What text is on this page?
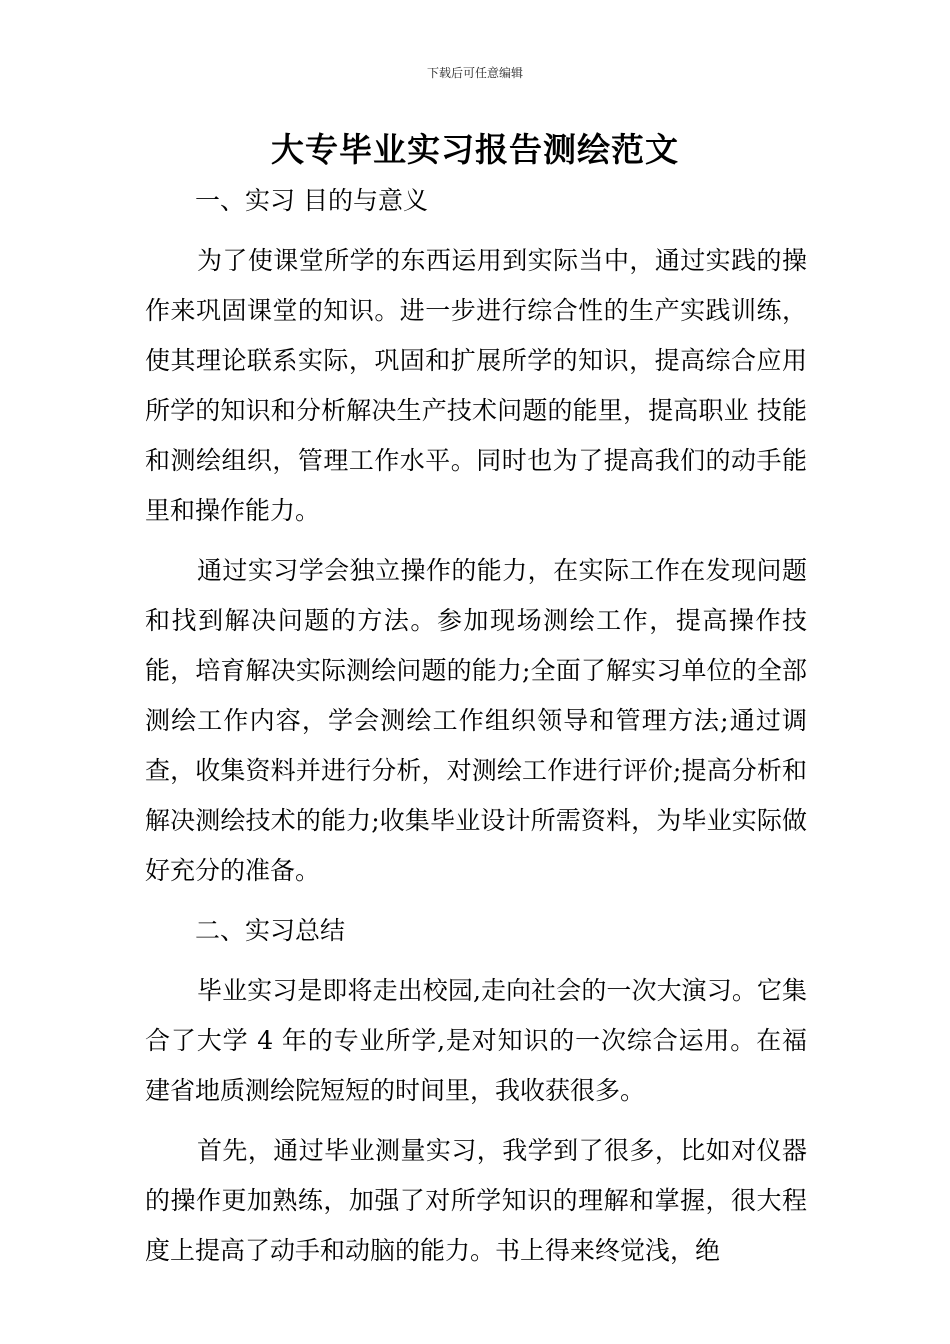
下载后可任意编辑
大专毕业实习报告测绘范文
一、实习 目的与意义

为了使课堂所学的东西运用到实际当中，通过实践的操作来巩固课堂的知识。进一步进行综合性的生产实践训练，使其理论联系实际，巩固和扩展所学的知识，提高综合应用所学的知识和分析解决生产技术问题的能里，提高职业 技能和测绘组织，管理工作水平。同时也为了提高我们的动手能里和操作能力。

通过实习学会独立操作的能力，在实际工作在发现问题和找到解决问题的方法。参加现场测绘工作，提高操作技能，培育解决实际测绘问题的能力;全面了解实习单位的全部测绘工作内容，学会测绘工作组织领导和管理方法;通过调查，收集资料并进行分析，对测绘工作进行评价;提高分析和解决测绘技术的能力;收集毕业设计所需资料，为毕业实际做好充分的准备。

二、实习总结

毕业实习是即将走出校园,走向社会的一次大演习。它集合了大学 4 年的专业所学,是对知识的一次综合运用。在福建省地质测绘院短短的时间里，我收获很多。

首先，通过毕业测量实习，我学到了很多，比如对仪器的操作更加熟练，加强了对所学知识的理解和掌握，很大程度上提高了动手和动脑的能力。书上得来终觉浅，绝
